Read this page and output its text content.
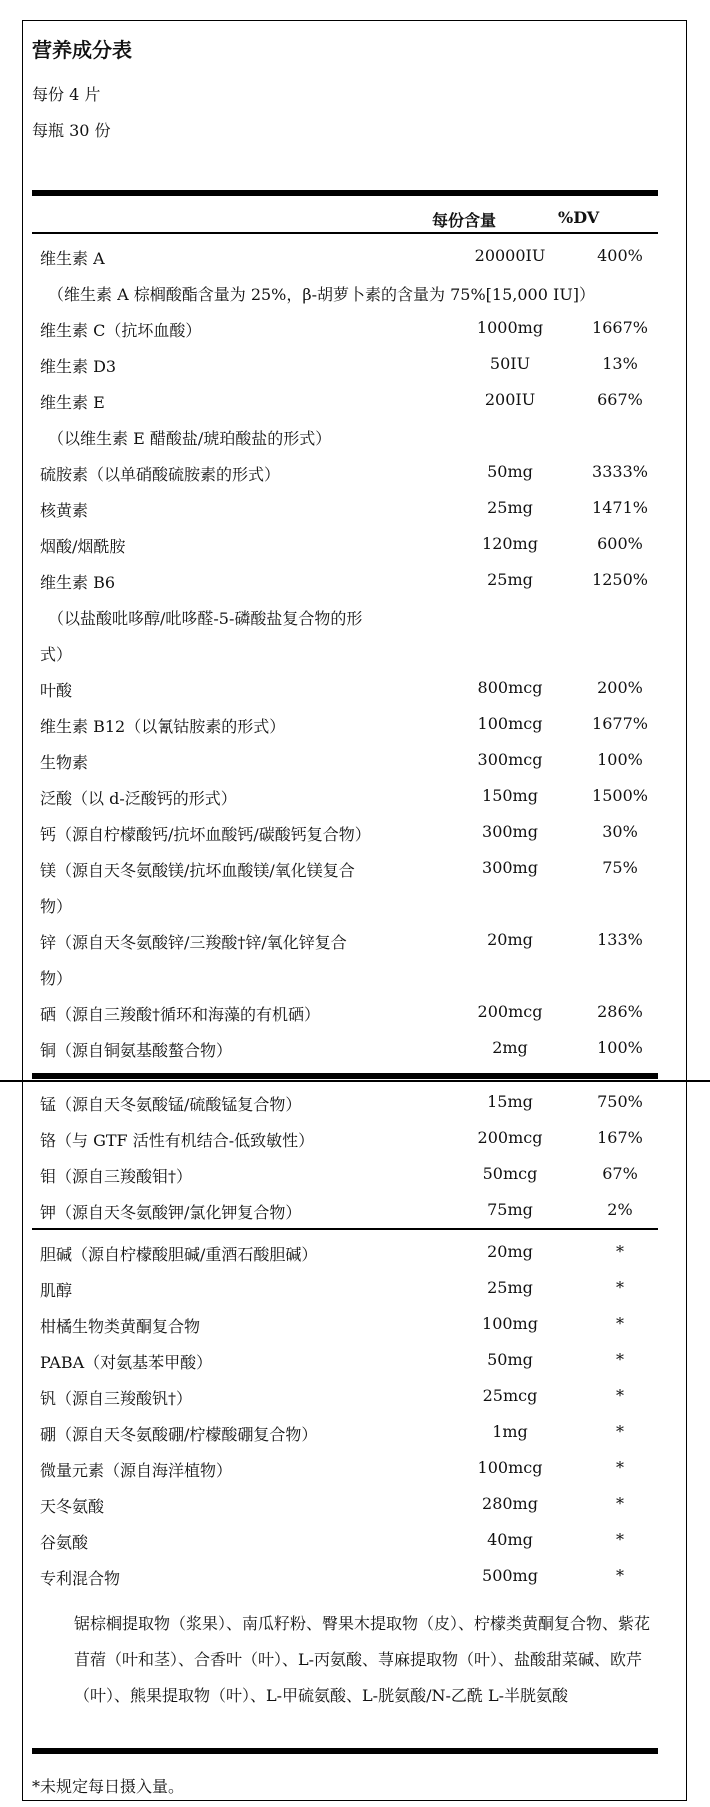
营养成分表
每份 4 片
每瓶 30 份
每份含量	%DV
维生素 A	20000IU	400%
（维生素 A 棕榈酸酯含量为 25%，β-胡萝卜素的含量为 75%[15,000 IU]）
维生素 C（抗坏血酸）	1000mg	1667%
维生素 D3	50IU	13%
维生素 E	200IU	667%
（以维生素 E 醋酸盐/琥珀酸盐的形式）
硫胺素（以单硝酸硫胺素的形式）	50mg	3333%
核黄素	25mg	1471%
烟酸/烟酰胺	120mg	600%
维生素 B6	25mg	1250%
（以盐酸吡哆醇/吡哆醛-5-磷酸盐复合物的形
式）
叶酸	800mcg	200%
维生素 B12（以氰钴胺素的形式）	100mcg	1677%
生物素	300mcg	100%
泛酸（以 d-泛酸钙的形式）	150mg	1500%
钙（源自柠檬酸钙/抗坏血酸钙/碳酸钙复合物）	300mg	30%
镁（源自天冬氨酸镁/抗坏血酸镁/氧化镁复合	300mg	75%
物）
锌（源自天冬氨酸锌/三羧酸†锌/氧化锌复合	20mg	133%
物）
硒（源自三羧酸†循环和海藻的有机硒）	200mcg	286%
铜（源自铜氨基酸螯合物）	2mg	100%
锰（源自天冬氨酸锰/硫酸锰复合物）	15mg	750%
铬（与 GTF 活性有机结合-低致敏性）	200mcg	167%
钼（源自三羧酸钼†）	50mcg	67%
钾（源自天冬氨酸钾/氯化钾复合物）	75mg	2%
胆碱（源自柠檬酸胆碱/重酒石酸胆碱）	20mg	*
肌醇	25mg	*
柑橘生物类黄酮复合物	100mg	*
PABA（对氨基苯甲酸）	50mg	*
钒（源自三羧酸钒†）	25mcg	*
硼（源自天冬氨酸硼/柠檬酸硼复合物）	1mg	*
微量元素（源自海洋植物）	100mcg	*
天冬氨酸	280mg	*
谷氨酸	40mg	*
专利混合物	500mg	*
锯棕榈提取物（浆果）、南瓜籽粉、臀果木提取物（皮）、柠檬类黄酮复合物、紫花苜蓿（叶和茎）、合香叶（叶）、L-丙氨酸、荨麻提取物（叶）、盐酸甜菜碱、欧芹（叶）、熊果提取物（叶）、L-甲硫氨酸、L-胱氨酸/N-乙酰 L-半胱氨酸
*未规定每日摄入量。
